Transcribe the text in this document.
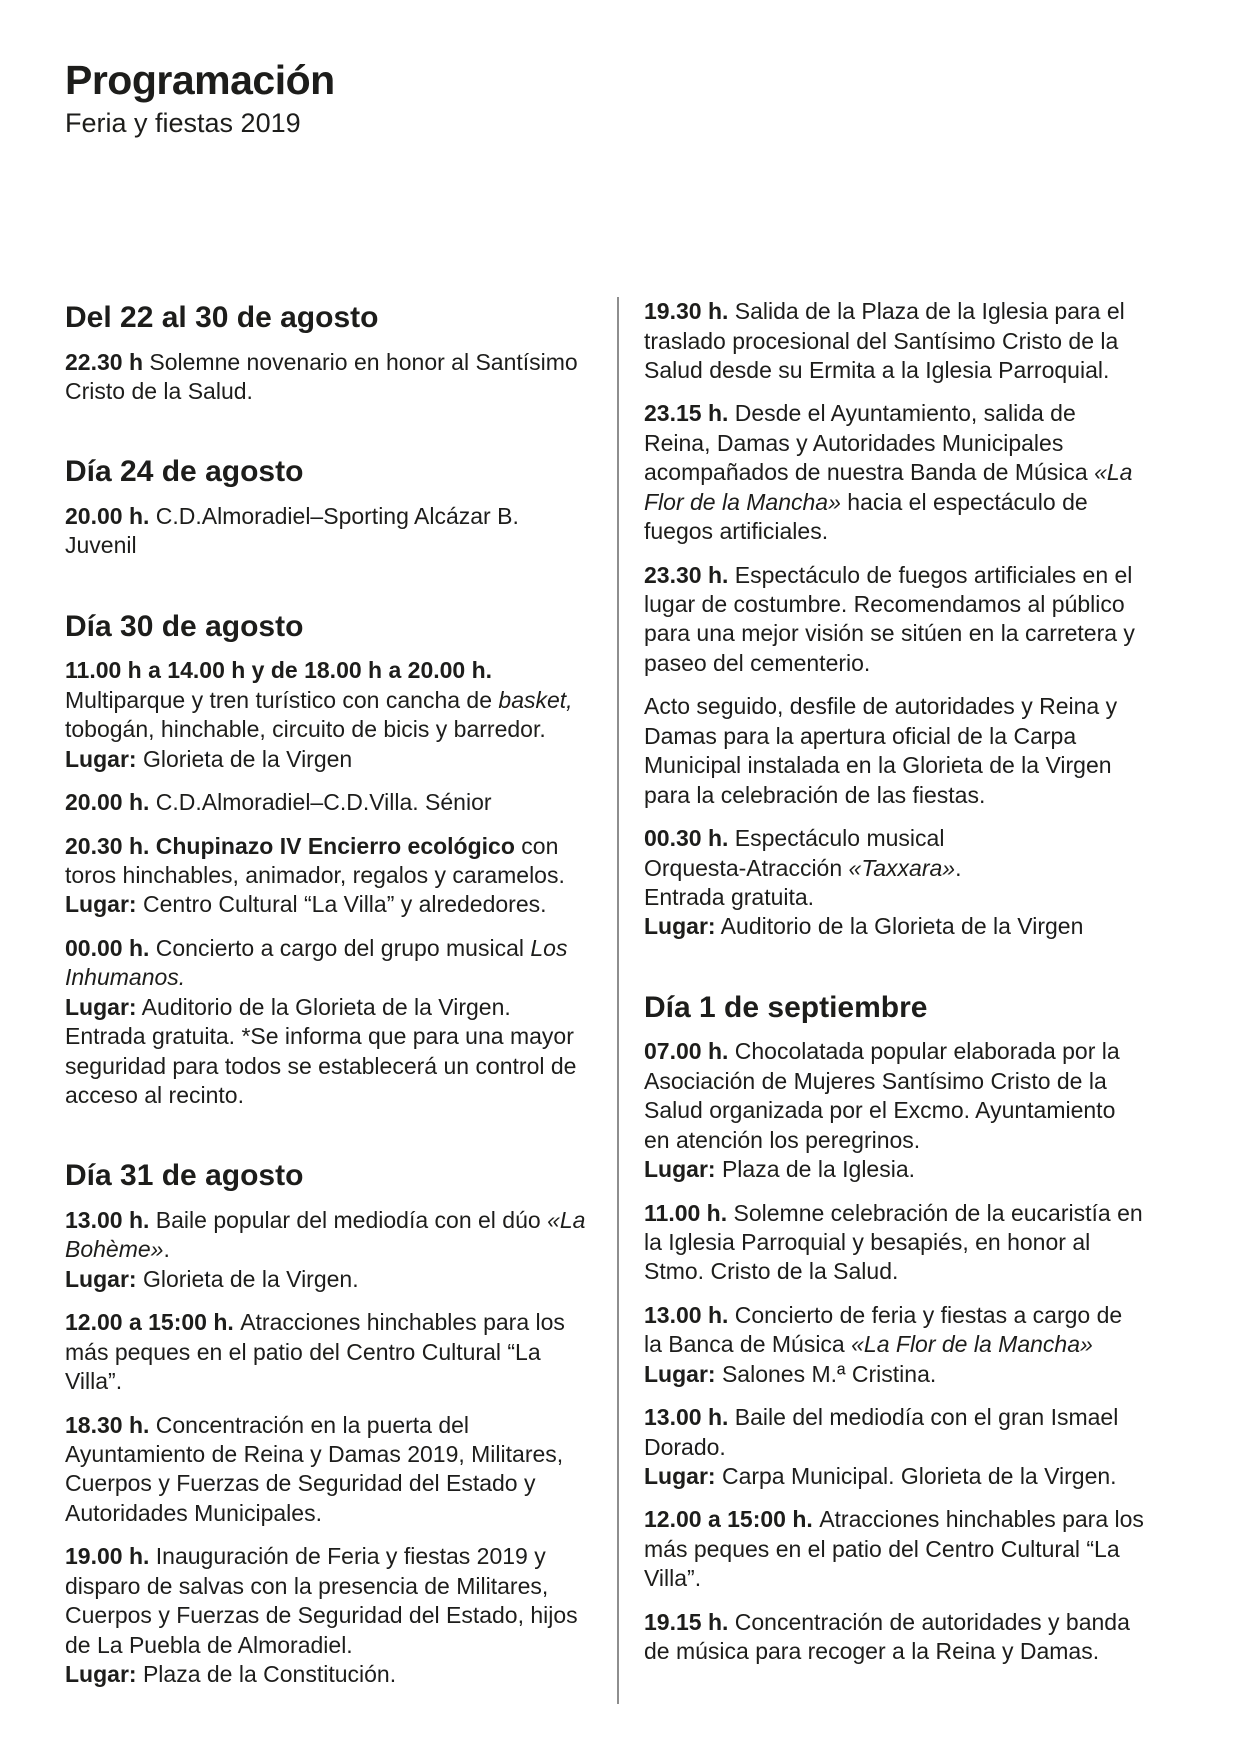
Programación
Feria y fiestas 2019
Del 22 al 30 de agosto

22.30 h Solemne novenario en honor al Santísimo Cristo de la Salud.

Día 24 de agosto

20.00 h. C.D.Almoradiel–Sporting Alcázar B. Juvenil

Día 30 de agosto

11.00 h a 14.00 h y de 18.00 h a 20.00 h. Multiparque y tren turístico con cancha de basket, tobogán, hinchable, circuito de bicis y barredor.
Lugar: Glorieta de la Virgen

20.00 h. C.D.Almoradiel–C.D.Villa. Sénior

20.30 h. Chupinazo IV Encierro ecológico con toros hinchables, animador, regalos y caramelos. Lugar: Centro Cultural “La Villa” y alrededores.

00.00 h. Concierto a cargo del grupo musical Los Inhumanos.
Lugar: Auditorio de la Glorieta de la Virgen. Entrada gratuita. *Se informa que para una mayor seguridad para todos se establecerá un control de acceso al recinto.

Día 31 de agosto

13.00 h. Baile popular del mediodía con el dúo «La Bohème».
Lugar: Glorieta de la Virgen.

12.00 a 15:00 h. Atracciones hinchables para los más peques en el patio del Centro Cultural “La Villa”.

18.30 h. Concentración en la puerta del Ayuntamiento de Reina y Damas 2019, Militares, Cuerpos y Fuerzas de Seguridad del Estado y Autoridades Municipales.

19.00 h. Inauguración de Feria y fiestas 2019 y disparo de salvas con la presencia de Militares, Cuerpos y Fuerzas de Seguridad del Estado, hijos de La Puebla de Almoradiel.
Lugar: Plaza de la Constitución.

19.30 h. Salida de la Plaza de la Iglesia para el traslado procesional del Santísimo Cristo de la Salud desde su Ermita a la Iglesia Parroquial.

23.15 h. Desde el Ayuntamiento, salida de Reina, Damas y Autoridades Municipales acompañados de nuestra Banda de Música «La Flor de la Mancha» hacia el espectáculo de fuegos artificiales.

23.30 h. Espectáculo de fuegos artificiales en el lugar de costumbre. Recomendamos al público para una mejor visión se sitúen en la carretera y paseo del cementerio.

Acto seguido, desfile de autoridades y Reina y Damas para la apertura oficial de la Carpa Municipal instalada en la Glorieta de la Virgen para la celebración de las fiestas.

00.30 h. Espectáculo musical
Orquesta-Atracción «Taxxara».
Entrada gratuita.
Lugar: Auditorio de la Glorieta de la Virgen

Día 1 de septiembre

07.00 h. Chocolatada popular elaborada por la Asociación de Mujeres Santísimo Cristo de la Salud organizada por el Excmo. Ayuntamiento en atención los peregrinos.
Lugar: Plaza de la Iglesia.

11.00 h. Solemne celebración de la eucaristía en la Iglesia Parroquial y besapiés, en honor al Stmo. Cristo de la Salud.

13.00 h. Concierto de feria y fiestas a cargo de la Banca de Música «La Flor de la Mancha»
Lugar: Salones M.ª Cristina.

13.00 h. Baile del mediodía con el gran Ismael Dorado.
Lugar: Carpa Municipal. Glorieta de la Virgen.

12.00 a 15:00 h. Atracciones hinchables para los más peques en el patio del Centro Cultural “La Villa”.

19.15 h. Concentración de autoridades y banda de música para recoger a la Reina y Damas.
